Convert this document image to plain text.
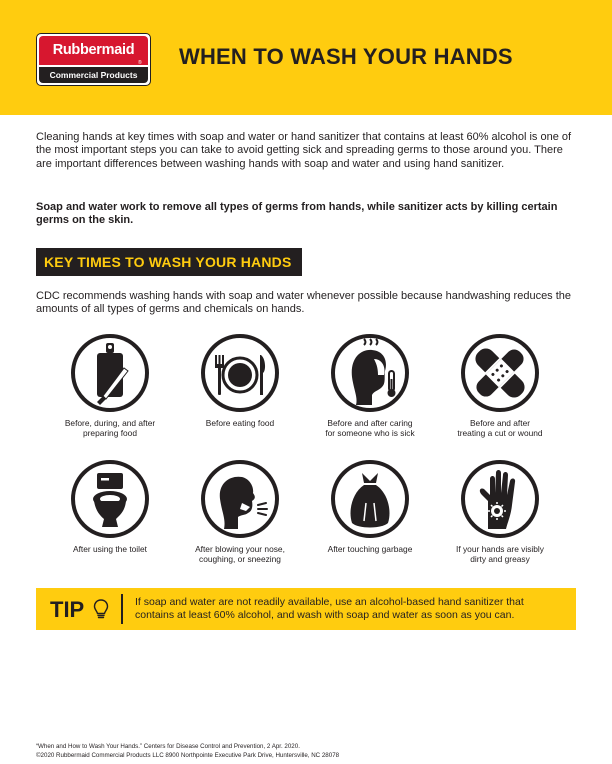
Rubbermaid
®
Commercial Products
WHEN TO WASH YOUR HANDS

Cleaning hands at key times with soap and water or hand sanitizer that contains at least 60% alcohol is one of the most important steps you can take to avoid getting sick and spreading germs to those around you. There are important differences between washing hands with soap and water and using hand sanitizer.

Soap and water work to remove all types of germs from hands, while sanitizer acts by killing certain germs on the skin.

KEY TIMES TO WASH YOUR HANDS

CDC recommends washing hands with soap and water whenever possible because handwashing reduces the amounts of all types of germs and chemicals on hands.

Before, during, and after
preparing food
Before eating food	Before and after caring
for someone who is sick
Before and after
treating a cut or wound
After using the toilet	After blowing your nose,
coughing, or sneezing
After touching garbage	If your hands are visibly
dirty and greasy
TIP	If soap and water are not readily available, use an alcohol-based hand sanitizer that contains at least 60% alcohol, and wash with soap and water as soon as you can.
“When and How to Wash Your Hands.” Centers for Disease Control and Prevention, 2 Apr. 2020.
©2020 Rubbermaid Commercial Products LLC 8900 Northpointe Executive Park Drive, Huntersville, NC 28078
